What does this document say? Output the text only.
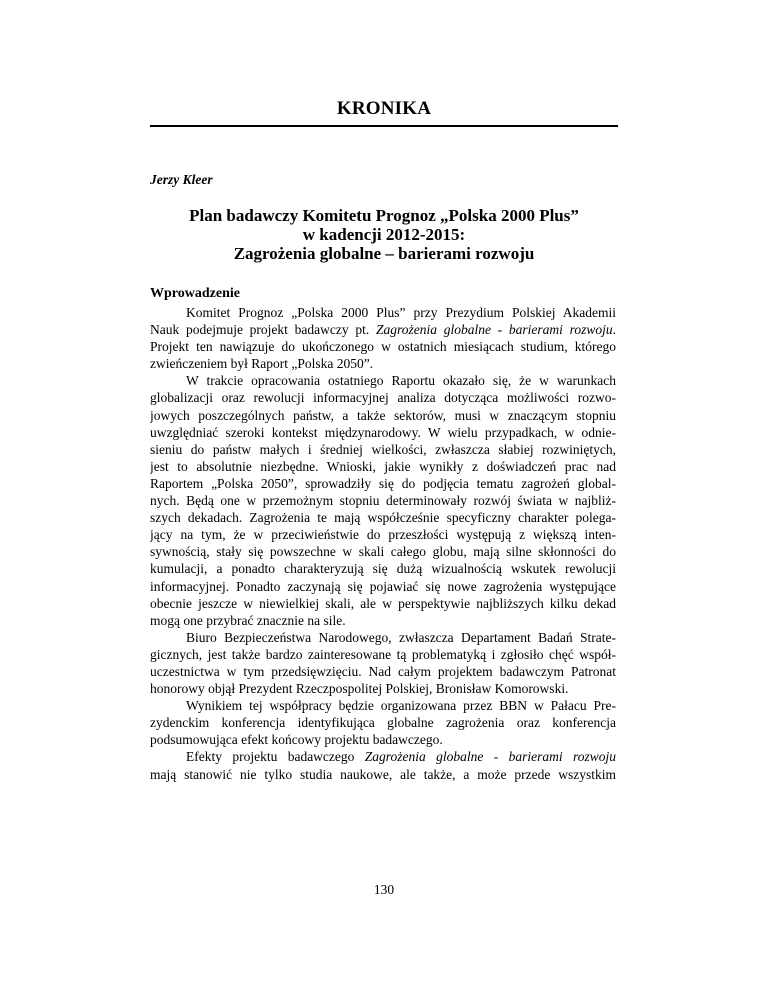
KRONIKA
Jerzy Kleer
Plan badawczy Komitetu Prognoz „Polska 2000 Plus”
w kadencji 2012-2015:
Zagrożenia globalne – barierami rozwoju
Wprowadzenie
Komitet Prognoz „Polska 2000 Plus” przy Prezydium Polskiej Akademii
Nauk podejmuje projekt badawczy pt. Zagrożenia globalne - barierami rozwoju.
Projekt ten nawiązuje do ukończonego w ostatnich miesiącach studium, którego
zwieńczeniem był Raport „Polska 2050”.
W trakcie opracowania ostatniego Raportu okazało się, że w warunkach
globalizacji oraz rewolucji informacyjnej analiza dotycząca możliwości rozwo-
jowych poszczególnych państw, a także sektorów, musi w znaczącym stopniu
uwzględniać szeroki kontekst międzynarodowy. W wielu przypadkach, w odnie-
sieniu do państw małych i średniej wielkości, zwłaszcza słabiej rozwiniętych,
jest to absolutnie niezbędne. Wnioski, jakie wynikły z doświadczeń prac nad
Raportem „Polska 2050”, sprowadziły się do podjęcia tematu zagrożeń global-
nych. Będą one w przemożnym stopniu determinowały rozwój świata w najbliż-
szych dekadach. Zagrożenia te mają współcześnie specyficzny charakter polega-
jący na tym, że w przeciwieństwie do przeszłości występują z większą inten-
sywnością, stały się powszechne w skali całego globu, mają silne skłonności do
kumulacji, a ponadto charakteryzują się dużą wizualnością wskutek rewolucji
informacyjnej. Ponadto zaczynają się pojawiać się nowe zagrożenia występujące
obecnie jeszcze w niewielkiej skali, ale w perspektywie najbliższych kilku dekad
mogą one przybrać znacznie na sile.
Biuro Bezpieczeństwa Narodowego, zwłaszcza Departament Badań Strate-
gicznych, jest także bardzo zainteresowane tą problematyką i zgłosiło chęć współ-
uczestnictwa w tym przedsięwzięciu. Nad całym projektem badawczym Patronat
honorowy objął Prezydent Rzeczpospolitej Polskiej, Bronisław Komorowski.
Wynikiem tej współpracy będzie organizowana przez BBN w Pałacu Pre-
zydenckim konferencja identyfikująca globalne zagrożenia oraz konferencja
podsumowująca efekt końcowy projektu badawczego.
Efekty projektu badawczego Zagrożenia globalne - barierami rozwoju
mają stanowić nie tylko studia naukowe, ale także, a może przede wszystkim
130
